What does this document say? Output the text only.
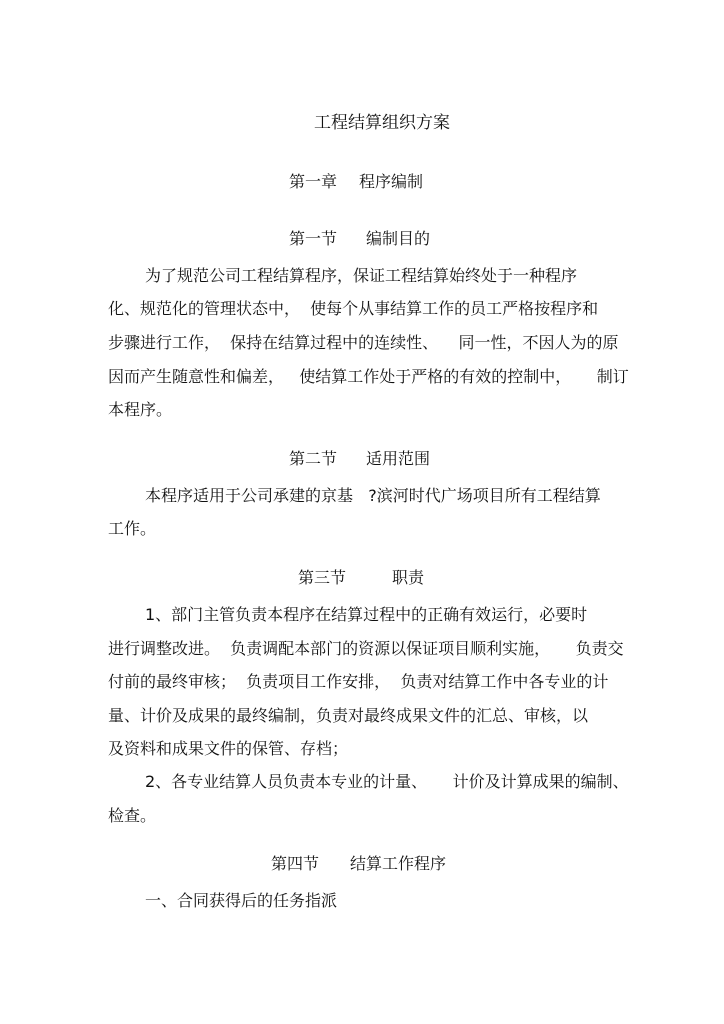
工程结算组织方案
第一章 程序编制
第一节 编制目的
为了规范公司工程结算程序，保证工程结算始终处于一种程序
化、规范化的管理状态中，  使每个从事结算工作的员工严格按程序和
步骤进行工作，  保持在结算过程中的连续性、    同一性，不因人为的原
因而产生随意性和偏差，   使结算工作处于严格的有效的控制中，     制订
本程序。
第二节 适用范围
本程序适用于公司承建的京基   ?滨河时代广场项目所有工程结算
工作。
第三节	职责
1、部门主管负责本程序在结算过程中的正确有效运行，必要时
进行调整改进。  负责调配本部门的资源以保证项目顺利实施，     负责交
付前的最终审核；  负责项目工作安排，  负责对结算工作中各专业的计
量、计价及成果的最终编制，负责对最终成果文件的汇总、审核，以
及资料和成果文件的保管、存档；
2、各专业结算人员负责本专业的计量、     计价及计算成果的编制、
检查。
第四节 结算工作程序
一、合同获得后的任务指派
